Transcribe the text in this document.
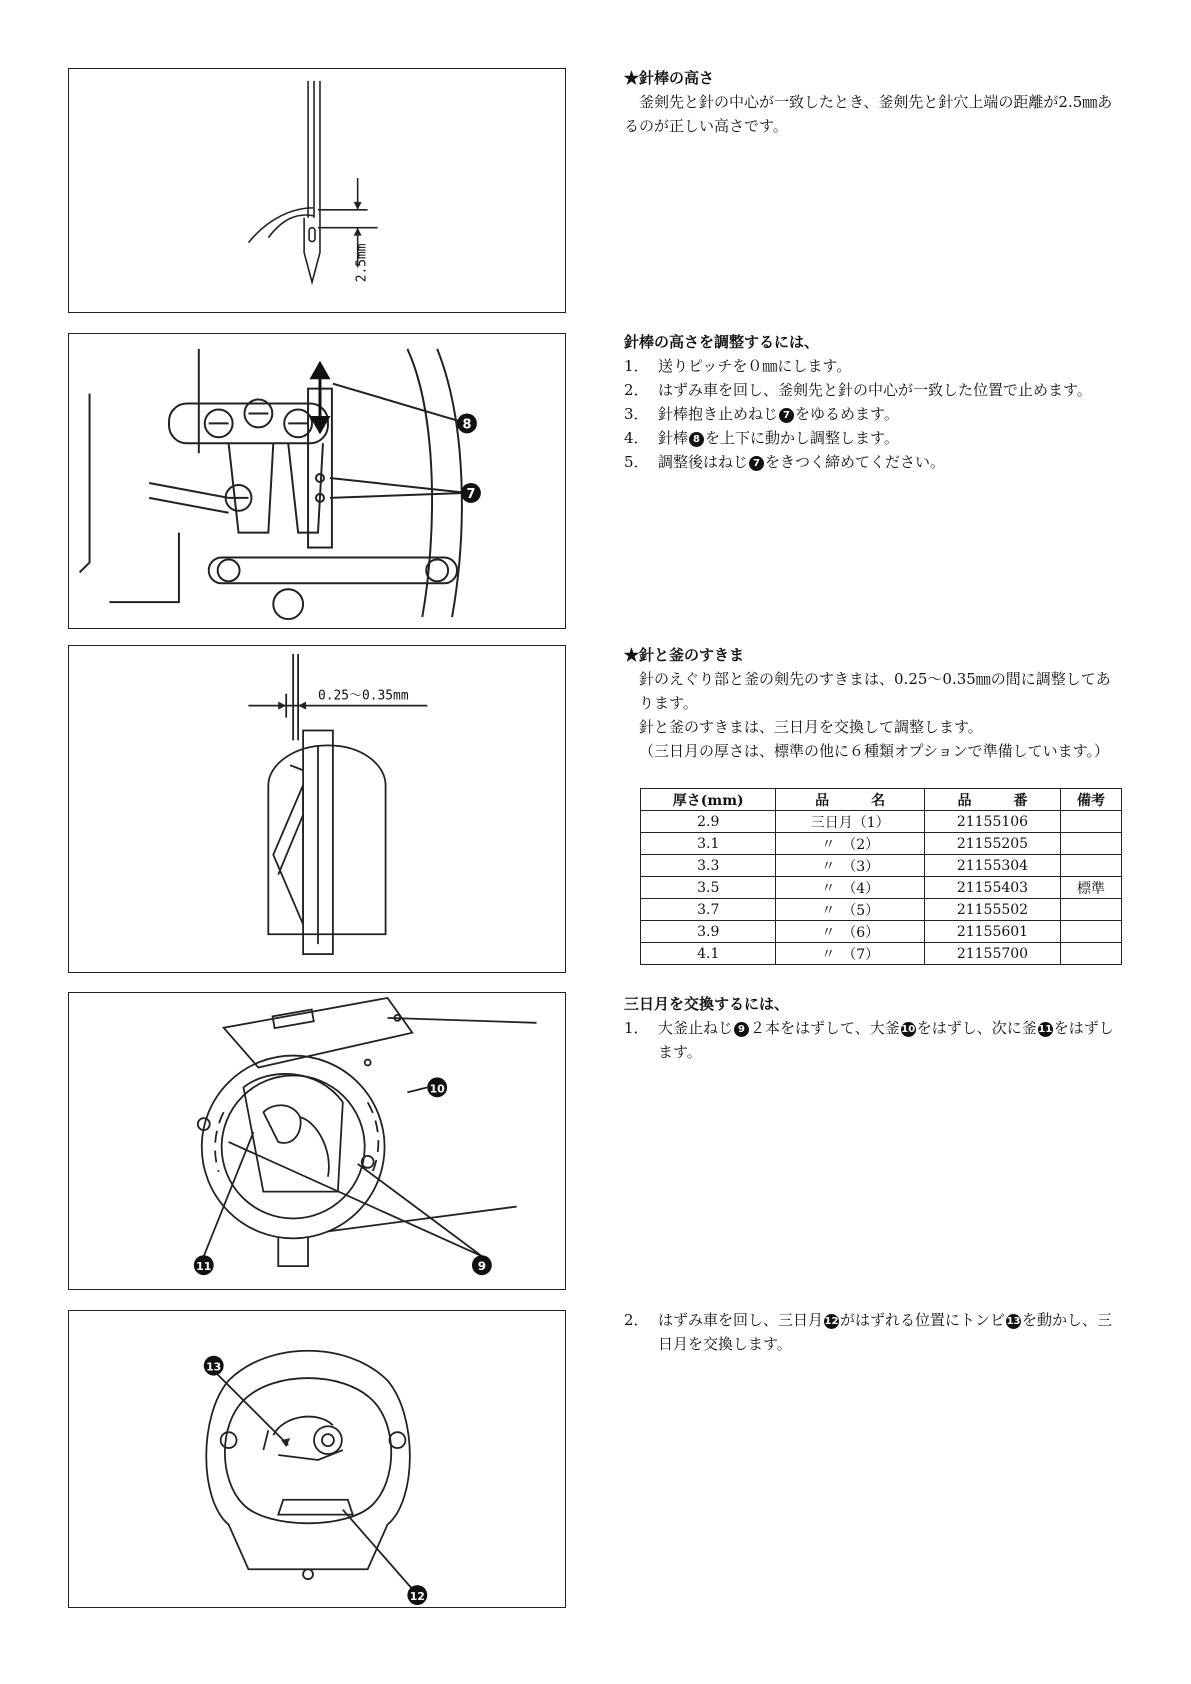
2.5mm
★針棒の高さ
釜剣先と針の中心が一致したとき、釜剣先と針穴上端の距離が2.5㎜あるのが正しい高さです。
8
7
針棒の高さを調整するには、
1． 送りピッチを０㎜にします。
2． はずみ車を回し、釜剣先と針の中心が一致した位置で止めます。
3． 針棒抱き止めねじ 7 をゆるめます。
4． 針棒 8 を上下に動かし調整します。
5． 調整後はねじ 7 をきつく締めてください。
0.25～0.35mm
★針と釜のすきま
針のえぐり部と釜の剣先のすきまは、0.25～0.35㎜の間に調整してあります。
針と釜のすきまは、三日月を交換して調整します。
（三日月の厚さは、標準の他に６種類オプションで準備しています。）
厚さ(mm)	品　　　名	品　　　番	備考
2.9	三日月（1）	21155106	
3.1	〃　（2）	21155205	
3.3	〃　（3）	21155304	
3.5	〃　（4）	21155403	標準
3.7	〃　（5）	21155502	
3.9	〃　（6）	21155601	
4.1	〃　（7）	21155700	
10
11	9
三日月を交換するには、
1． 大釜止ねじ 9 ２本をはずして、大釜 10 をはずし、次に釜 11 をはずします。
13
12
2． はずみ車を回し、三日月 12 がはずれる位置にトンビ 13 を動かし、三日月を交換します。
